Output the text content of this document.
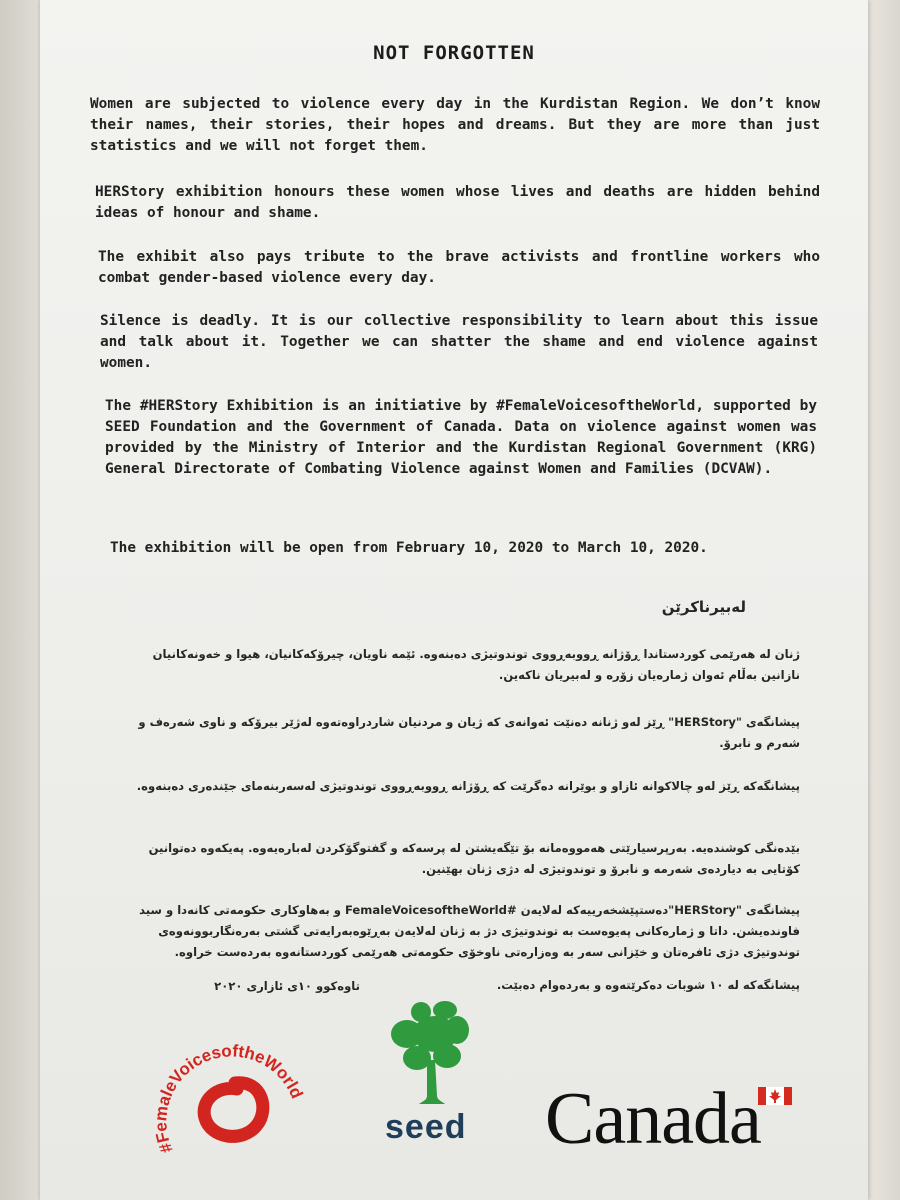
NOT FORGOTTEN

Women are subjected to violence every day in the Kurdistan Region. We don’t know their names, their stories, their hopes and dreams. But they are more than just statistics and we will not forget them.

HERStory exhibition honours these women whose lives and deaths are hidden behind ideas of honour and shame.

The exhibit also pays tribute to the brave activists and frontline workers who combat gender-based violence every day.

Silence is deadly. It is our collective responsibility to learn about this issue and talk about it. Together we can shatter the shame and end violence against women.

The #HERStory Exhibition is an initiative by #FemaleVoicesoftheWorld, supported by SEED Foundation and the Government of Canada. Data on violence against women was provided by the Ministry of Interior and the Kurdistan Regional Government (KRG) General Directorate of Combating Violence against Women and Families (DCVAW).

The exhibition will be open from February 10, 2020 to March 10, 2020.

لەبیرناکرێن

ژنان لە هەرێمی کوردستاندا ڕۆژانە ڕووبەڕووی توندوتیژی دەبنەوە. ئێمە ناویان، چیرۆکەکانیان، هیوا و خەونەکانیان نازانین بەڵام ئەوان ژمارەیان زۆرە و لەبیریان ناکەین.

پیشانگەی "HERStory" ڕێز لەو ژنانە دەنێت ئەوانەی کە ژیان و مردنیان شاردراوەتەوە لەژێر بیرۆکە و ناوی شەرەف و شەرم و نابرۆ.

پیشانگەکە ڕێز لەو چالاکوانە ئازاو و بوێرانە دەگرێت کە ڕۆژانە ڕووبەڕووی توندوتیژی لەسەربنەمای جێندەری دەبنەوە.

بێدەنگی کوشندەیە. بەرپرسیارێتی هەمووەمانە بۆ تێگەیشتن لە پرسەکە و گفتوگۆکردن لەبارەیەوە. پەیکەوە دەتوانین کۆتایی بە دیاردەی شەرمە و نابرۆ و توندوتیژی لە دژی ژنان بهێنین.

پیشانگەی "HERStory"دەستپێشخەرییەکە لەلایەن #FemaleVoicesoftheWorld و بەهاوکاری حکومەتی کانەدا و سید فاوندەیشن. داتا و ژمارەکانی پەیوەست بە توندوتیژی دژ بە ژنان لەلایەن بەڕێوەبەرایەتی گشتی بەرەنگاربوونەوەی توندوتیژی دژی ئافرەتان و خێزانی سەر بە وەزارەتی ناوخۆی حکومەتی هەرێمی کوردستانەوە بەردەست خراوە.

پیشانگەکە لە ١٠ شوبات دەکرێتەوە و بەردەوام دەبێت.

تاوەکوو ١٠ی ئازاری ٢٠٢٠
#FemaleVoicesoftheWorld
seed Canada
